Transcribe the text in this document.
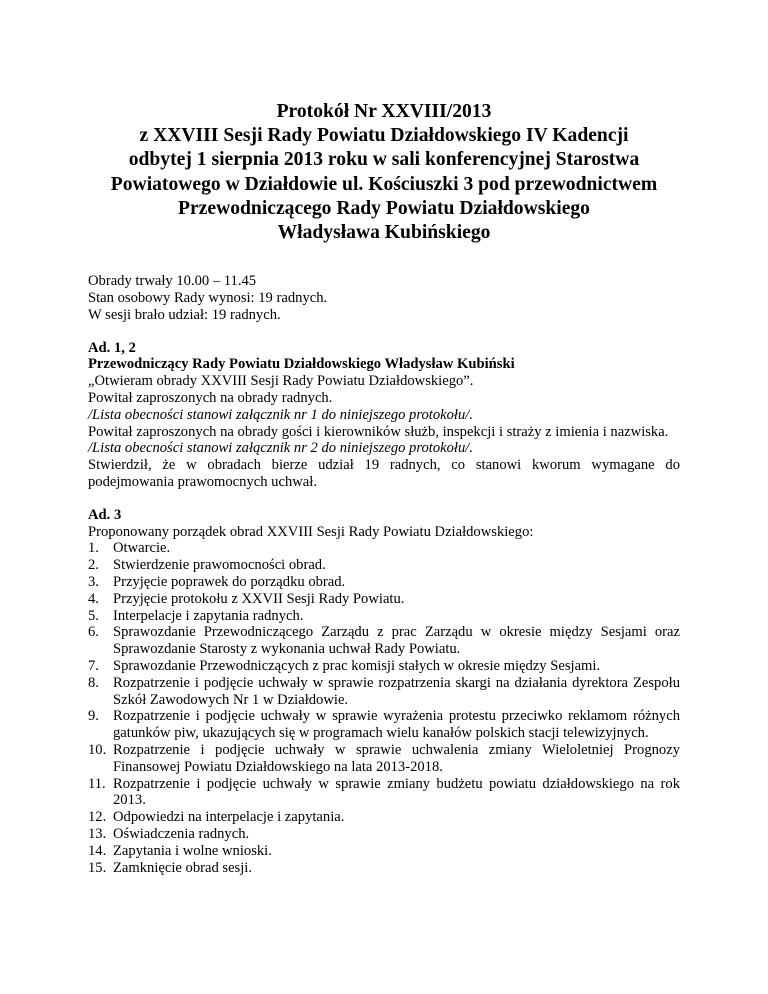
Protokół Nr XXVIII/2013
z XXVIII Sesji Rady Powiatu Działdowskiego IV Kadencji
odbytej 1 sierpnia 2013 roku w sali konferencyjnej Starostwa
Powiatowego w Działdowie ul. Kościuszki 3 pod przewodnictwem
Przewodniczącego Rady Powiatu Działdowskiego
Władysława Kubińskiego
Obrady trwały 10.00 – 11.45
Stan osobowy Rady wynosi: 19 radnych.
W sesji brało udział: 19 radnych.
Ad. 1, 2
Przewodniczący Rady Powiatu Działdowskiego Władysław Kubiński
„Otwieram obrady XXVIII Sesji Rady Powiatu Działdowskiego”.
Powitał zaproszonych na obrady radnych.
/Lista obecności stanowi załącznik nr 1 do niniejszego protokołu/.
Powitał zaproszonych na obrady gości i kierowników służb, inspekcji i straży z imienia i nazwiska.
/Lista obecności stanowi załącznik nr 2 do niniejszego protokołu/.
Stwierdził, że w obradach bierze udział 19 radnych, co stanowi kworum wymagane do podejmowania prawomocnych uchwał.
Ad. 3
Proponowany porządek obrad XXVIII Sesji Rady Powiatu Działdowskiego:
1. Otwarcie.
2. Stwierdzenie prawomocności obrad.
3. Przyjęcie poprawek do porządku obrad.
4. Przyjęcie protokołu z XXVII Sesji Rady Powiatu.
5. Interpelacje i zapytania radnych.
6. Sprawozdanie Przewodniczącego Zarządu z prac Zarządu w okresie między Sesjami oraz Sprawozdanie Starosty z wykonania uchwał Rady Powiatu.
7. Sprawozdanie Przewodniczących z prac komisji stałych w okresie między Sesjami.
8. Rozpatrzenie i podjęcie uchwały w sprawie rozpatrzenia skargi na działania dyrektora Zespołu Szkół Zawodowych Nr 1 w Działdowie.
9. Rozpatrzenie i podjęcie uchwały w sprawie wyrażenia protestu przeciwko reklamom różnych gatunków piw, ukazujących się w programach wielu kanałów polskich stacji telewizyjnych.
10. Rozpatrzenie i podjęcie uchwały w sprawie uchwalenia zmiany Wieloletniej Prognozy Finansowej Powiatu Działdowskiego na lata 2013-2018.
11. Rozpatrzenie i podjęcie uchwały w sprawie zmiany budżetu powiatu działdowskiego na rok 2013.
12. Odpowiedzi na interpelacje i zapytania.
13. Oświadczenia radnych.
14. Zapytania i wolne wnioski.
15. Zamknięcie obrad sesji.
